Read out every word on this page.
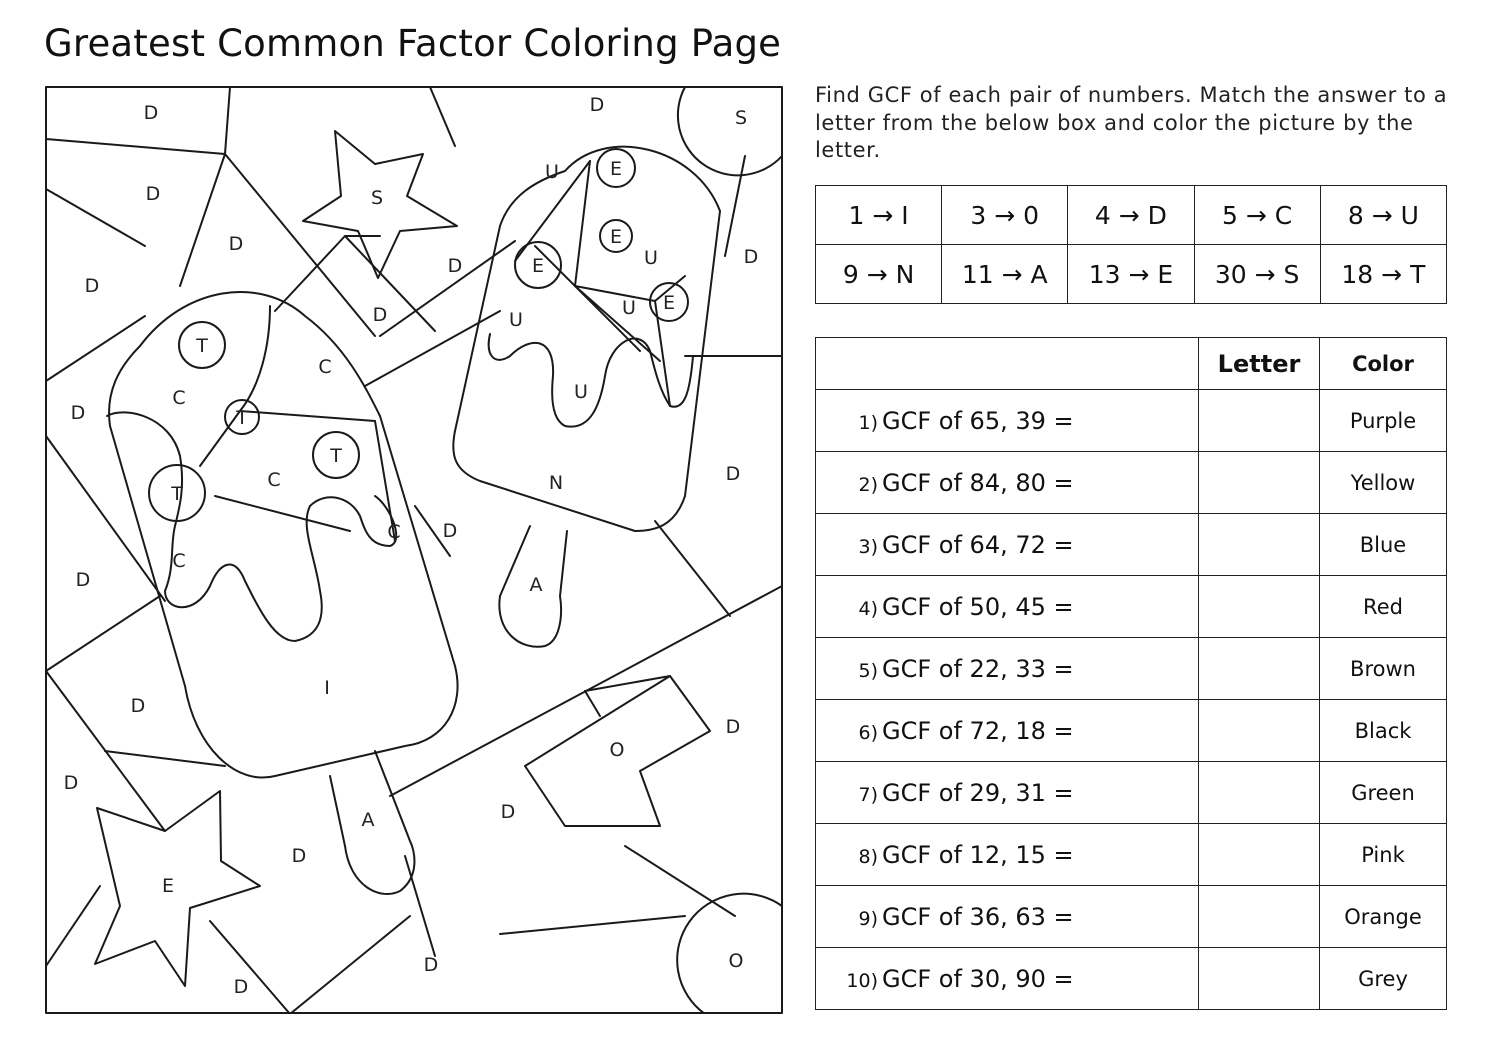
Greatest Common Factor Coloring Page
D	D
S
D	S
D
D
D	D
D
D
D
D
D
D
D
D
D
D
D
D
T
T
T
T
C
C
C
C
C
E
E
E
E
E
U
U
U
U
U
N
A
A
I
O
O
Find GCF of each pair of numbers. Match the answer to a letter from the below box and color the picture by the letter.
1 → I	3 → 0	4 → D	5 → C	8 → U
9 → N	11 → A	13 → E	30 → S	18 → T
	Letter	Color
1) GCF of 65, 39 =		Purple
2) GCF of 84, 80 =		Yellow
3) GCF of 64, 72 =		Blue
4) GCF of 50, 45 =		Red
5) GCF of 22, 33 =		Brown
6) GCF of 72, 18 =		Black
7) GCF of 29, 31 =		Green
8) GCF of 12, 15 =		Pink
9) GCF of 36, 63 =		Orange
10) GCF of 30, 90 =		Grey
